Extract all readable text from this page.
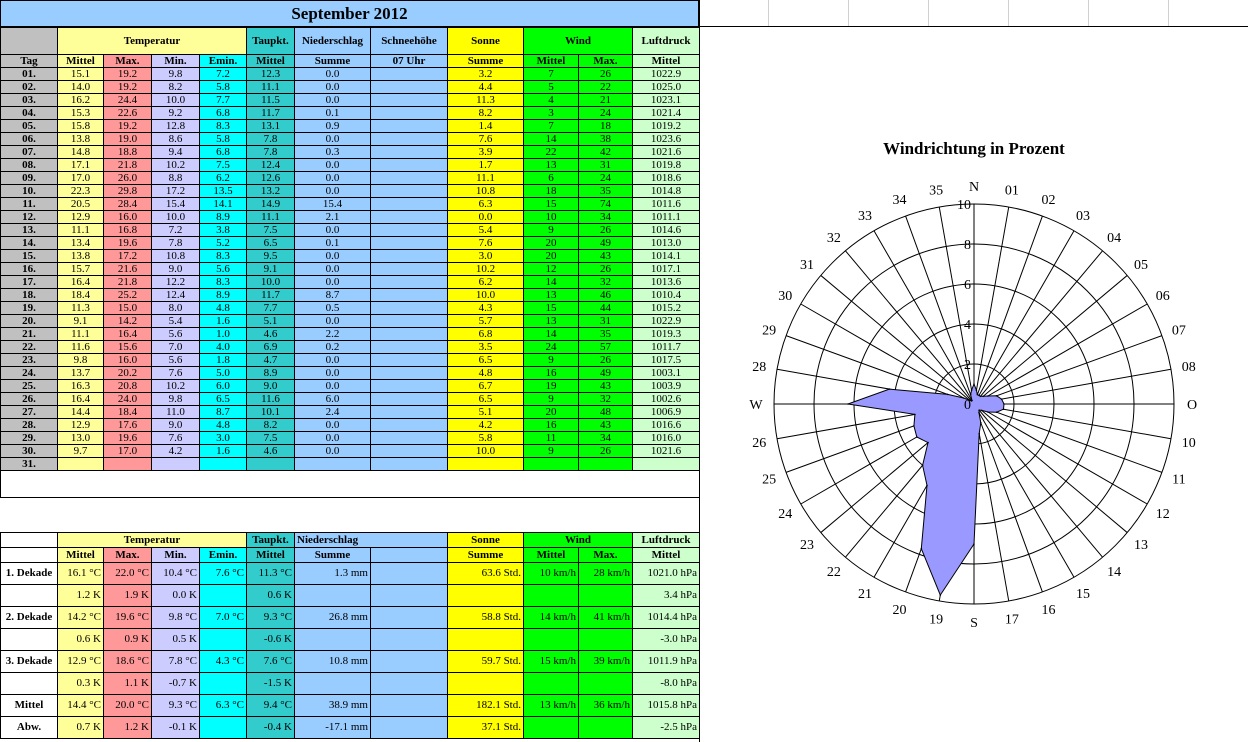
September 2012
	Temperatur				Taupkt.	Niederschlag	Schneehöhe	Sonne	Wind		Luftdruck
Tag	Mittel	Max.	Min.	Emin.	Mittel	Summe	07 Uhr	Summe	Mittel	Max.	Mittel
01.	15.1	19.2	9.8	7.2	12.3	0.0		3.2	7	26	1022.9
02.	14.0	19.2	8.2	5.8	11.1	0.0		4.4	5	22	1025.0
03.	16.2	24.4	10.0	7.7	11.5	0.0		11.3	4	21	1023.1
04.	15.3	22.6	9.2	6.8	11.7	0.1		8.2	3	24	1021.4
05.	15.8	19.2	12.8	8.3	13.1	0.9		1.4	7	18	1019.2
06.	13.8	19.0	8.6	5.8	7.8	0.0		7.6	14	38	1023.6
07.	14.8	18.8	9.4	6.8	7.8	0.3		3.9	22	42	1021.6
08.	17.1	21.8	10.2	7.5	12.4	0.0		1.7	13	31	1019.8
09.	17.0	26.0	8.8	6.2	12.6	0.0		11.1	6	24	1018.6
10.	22.3	29.8	17.2	13.5	13.2	0.0		10.8	18	35	1014.8
11.	20.5	28.4	15.4	14.1	14.9	15.4		6.3	15	74	1011.6
12.	12.9	16.0	10.0	8.9	11.1	2.1		0.0	10	34	1011.1
13.	11.1	16.8	7.2	3.8	7.5	0.0		5.4	9	26	1014.6
14.	13.4	19.6	7.8	5.2	6.5	0.1		7.6	20	49	1013.0
15.	13.8	17.2	10.8	8.3	9.5	0.0		3.0	20	43	1014.1
16.	15.7	21.6	9.0	5.6	9.1	0.0		10.2	12	26	1017.1
17.	16.4	21.8	12.2	8.3	10.0	0.0		6.2	14	32	1013.6
18.	18.4	25.2	12.4	8.9	11.7	8.7		10.0	13	46	1010.4
19.	11.3	15.0	8.0	4.8	7.7	0.5		4.3	15	44	1015.2
20.	9.1	14.2	5.4	1.6	5.1	0.0		5.7	13	31	1022.9
21.	11.1	16.4	5.6	1.0	4.6	2.2		6.8	14	35	1019.3
22.	11.6	15.6	7.0	4.0	6.9	0.2		3.5	24	57	1011.7
23.	9.8	16.0	5.6	1.8	4.7	0.0		6.5	9	26	1017.5
24.	13.7	20.2	7.6	5.0	8.9	0.0		4.8	16	49	1003.1
25.	16.3	20.8	10.2	6.0	9.0	0.0		6.7	19	43	1003.9
26.	16.4	24.0	9.8	6.5	11.6	6.0		6.5	9	32	1002.6
27.	14.4	18.4	11.0	8.7	10.1	2.4		5.1	20	48	1006.9
28.	12.9	17.6	9.0	4.8	8.2	0.0		4.2	16	43	1016.6
29.	13.0	19.6	7.6	3.0	7.5	0.0		5.8	11	34	1016.0
30.	9.7	17.0	4.2	1.6	4.6	0.0		10.0	9	26	1021.6
31.											

	Temperatur				Taupkt.	Niederschlag		Sonne	Wind		Luftdruck
	Mittel	Max.	Min.	Emin.	Mittel	Summe		Summe	Mittel	Max.	Mittel
1. Dekade	16.1 °C	22.0 °C	10.4 °C	7.6 °C	11.3 °C	1.3 mm		63.6 Std.	10 km/h	28 km/h	1021.0 hPa
	1.2 K	1.9 K	0.0 K		0.6 K						3.4 hPa
2. Dekade	14.2 °C	19.6 °C	9.8 °C	7.0 °C	9.3 °C	26.8 mm		58.8 Std.	14 km/h	41 km/h	1014.4 hPa
	0.6 K	0.9 K	0.5 K		-0.6 K						-3.0 hPa
3. Dekade	12.9 °C	18.6 °C	7.8 °C	4.3 °C	7.6 °C	10.8 mm		59.7 Std.	15 km/h	39 km/h	1011.9 hPa
	0.3 K	1.1 K	-0.7 K		-1.5 K						-8.0 hPa
Mittel	14.4 °C	20.0 °C	9.3 °C	6.3 °C	9.4 °C	38.9 mm		182.1 Std.	13 km/h	36 km/h	1015.8 hPa
Abw.	0.7 K	1.2 K	-0.1 K		-0.4 K	-17.1 mm		37.1 Std.			-2.5 hPa
Windrichtung in Prozent
0
2
4
6
8
10
N 01
02
03
04
05
06
07
08
O
10
11
12
13
14
15
16
17
S
19
20
21
22
23
24
25
26
W
28
29
30
31
32
33
34
35
